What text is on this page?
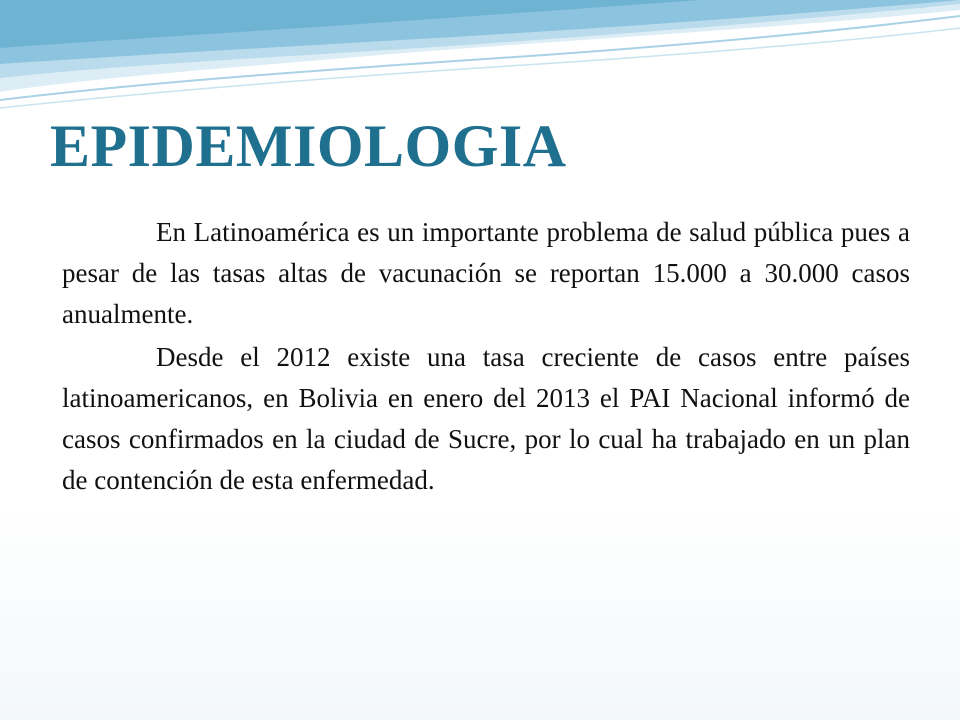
EPIDEMIOLOGIA

En Latinoamérica es un importante problema de salud pública pues a pesar de las tasas altas de vacunación se reportan 15.000 a 30.000 casos anualmente.

Desde el 2012 existe una tasa creciente de casos entre países latinoamericanos, en Bolivia en enero del 2013 el PAI Nacional informó de casos confirmados en la ciudad de Sucre, por lo cual ha trabajado en un plan de contención de esta enfermedad.
